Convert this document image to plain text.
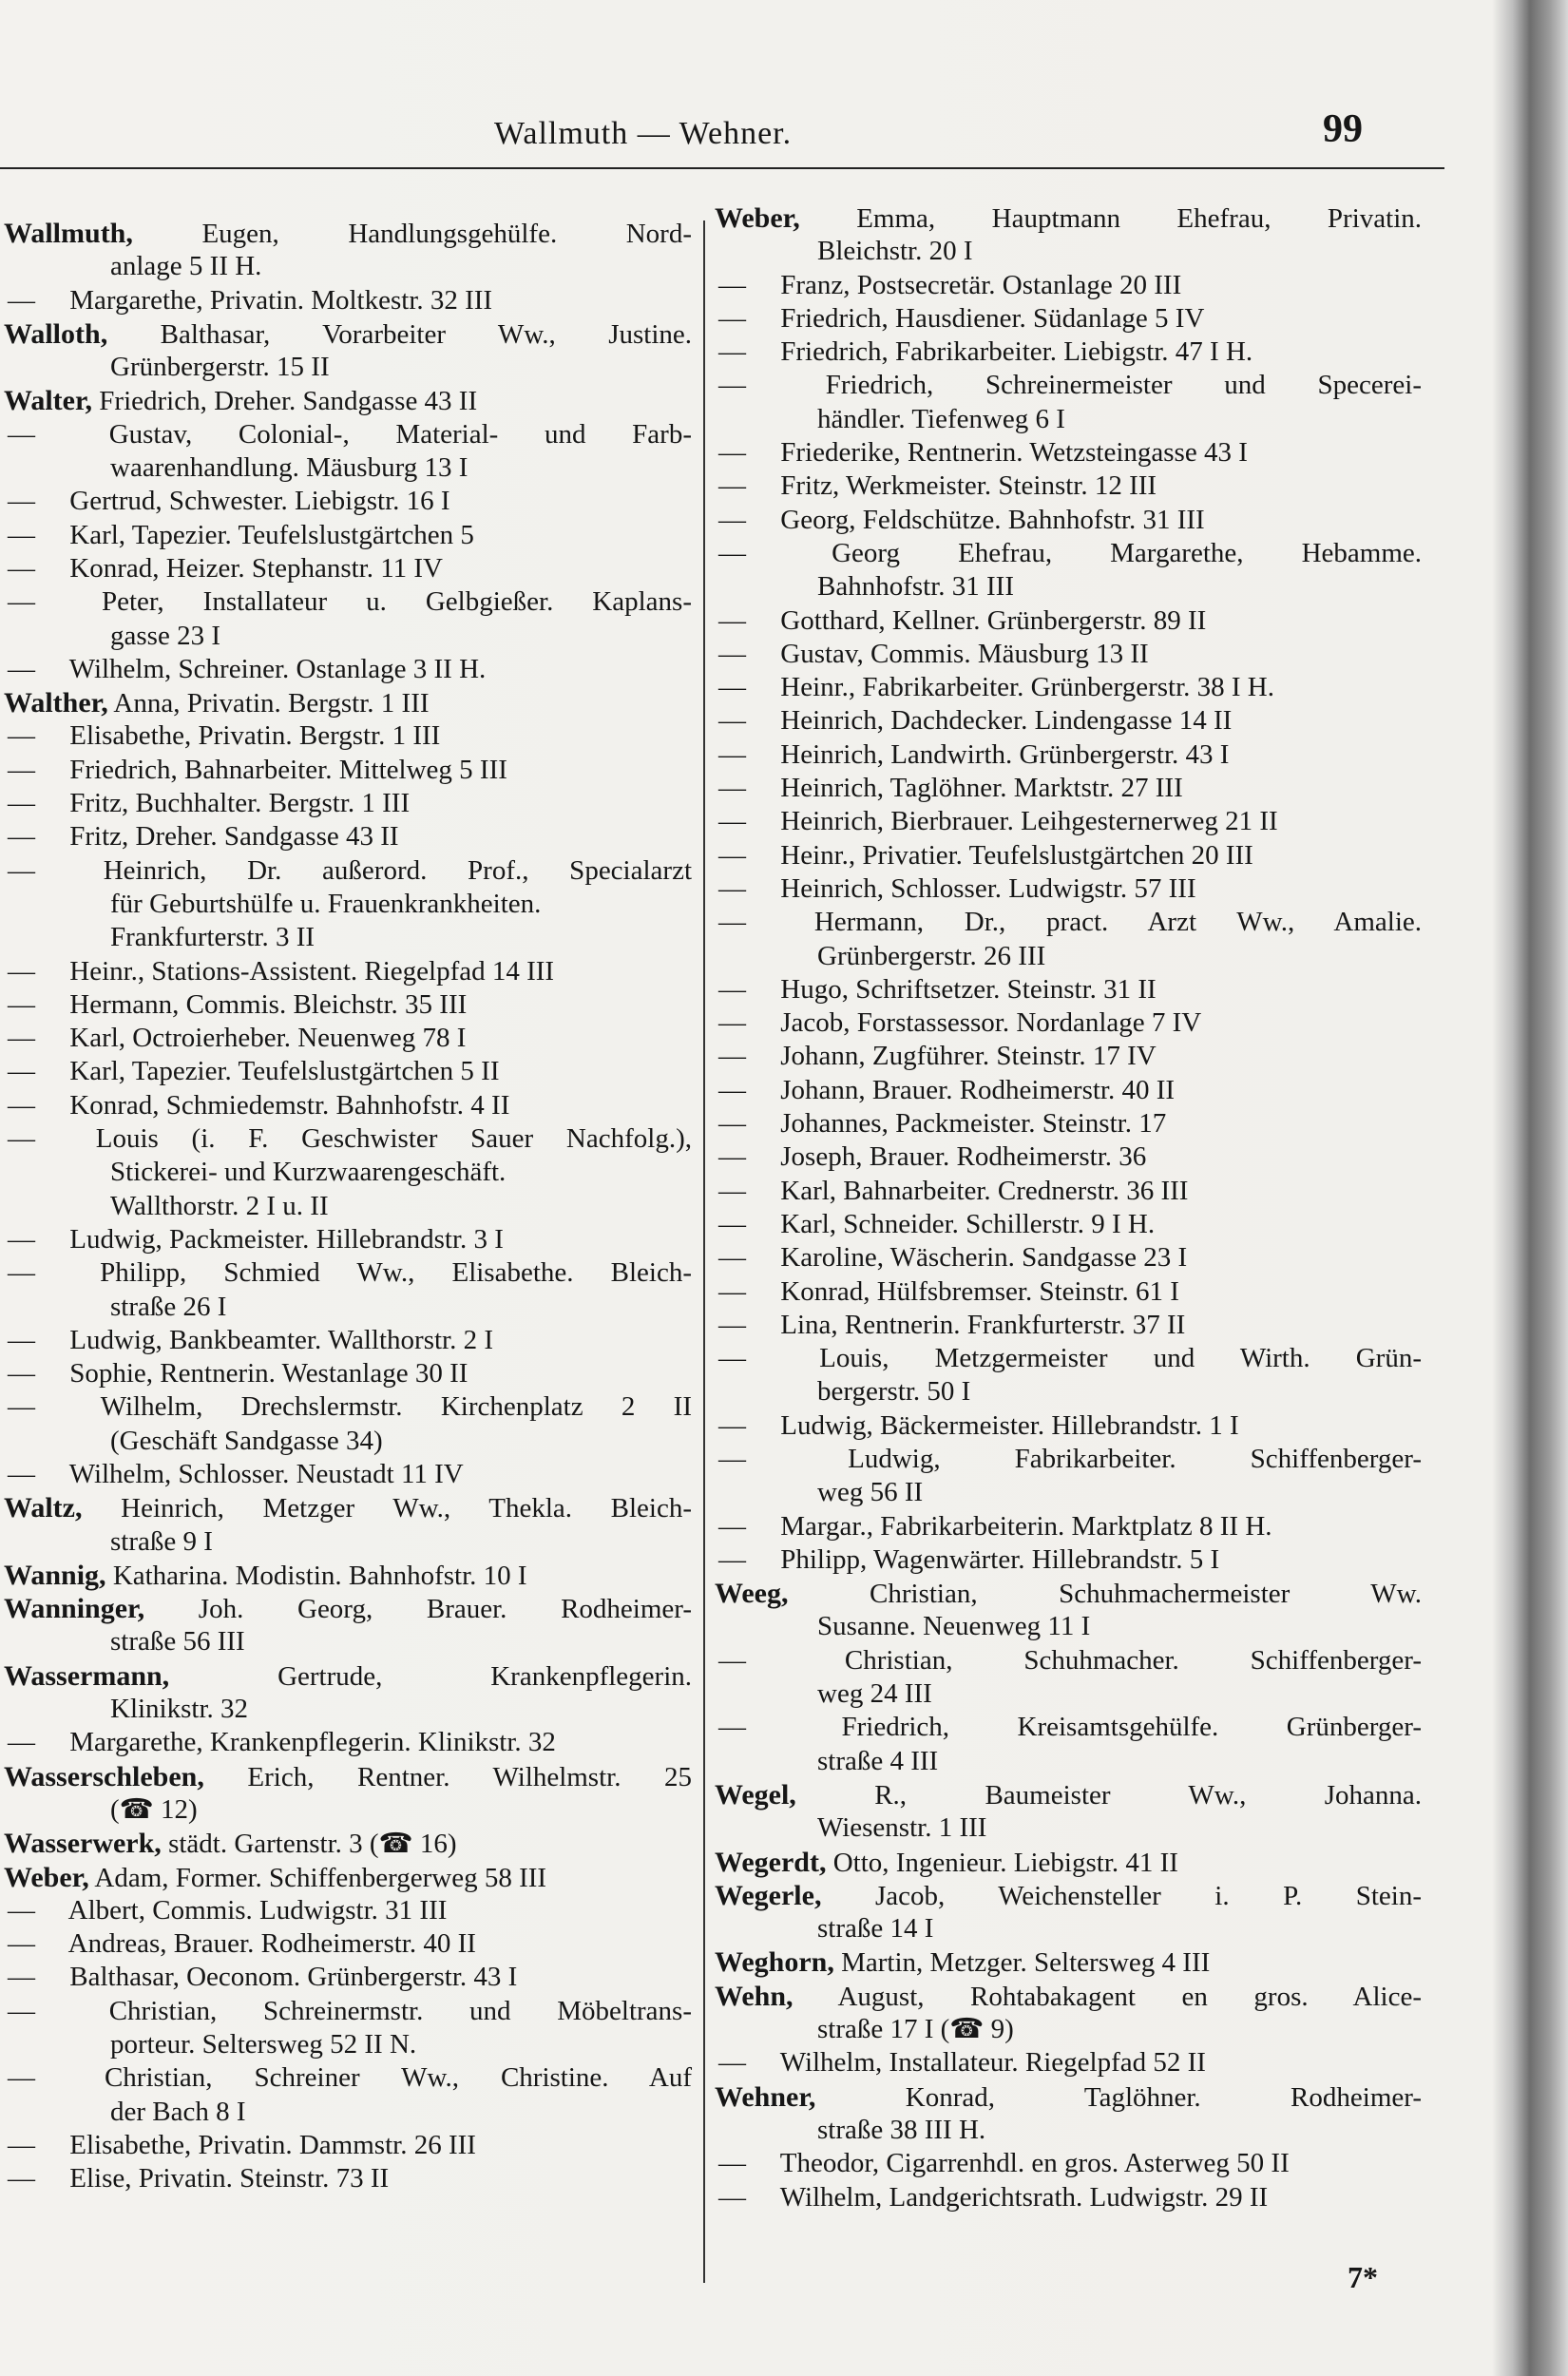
Wallmuth — Wehner.	99
Wallmuth,	Eugen, Handlungsgehülfe. Nord-
anlage 5 II H.
— Margarethe, Privatin. Moltkestr. 32 III
Walloth, Balthasar, Vorarbeiter Ww., Justine.
Grünbergerstr. 15 II
Walter, Friedrich, Dreher. Sandgasse 43 II
—	Gustav, Colonial-, Material- und Farb-
waarenhandlung. Mäusburg 13 I
— Gertrud, Schwester. Liebigstr. 16 I
— Karl, Tapezier. Teufelslustgärtchen 5
— Konrad, Heizer. Stephanstr. 11 IV
— Peter, Installateur u. Gelbgießer. Kaplans-
gasse 23 I
— Wilhelm, Schreiner. Ostanlage 3 II H.
Walther, Anna, Privatin. Bergstr. 1 III
— Elisabethe, Privatin. Bergstr. 1 III
— Friedrich, Bahnarbeiter. Mittelweg 5 III
— Fritz, Buchhalter. Bergstr. 1 III
— Fritz, Dreher. Sandgasse 43 II
— Heinrich, Dr. außerord. Prof., Specialarzt
für Geburtshülfe u. Frauenkrankheiten.
Frankfurterstr. 3 II
— Heinr., Stations-Assistent. Riegelpfad 14 III
— Hermann, Commis. Bleichstr. 35 III
— Karl, Octroierheber. Neuenweg 78 I
— Karl, Tapezier. Teufelslustgärtchen 5 II
— Konrad, Schmiedemstr. Bahnhofstr. 4 II
— Louis (i. F. Geschwister Sauer Nachfolg.),
Stickerei- und Kurzwaarengeschäft.
Wallthorstr. 2 I u. II
— Ludwig, Packmeister. Hillebrandstr. 3 I
— Philipp, Schmied Ww., Elisabethe. Bleich-
straße 26 I
— Ludwig, Bankbeamter. Wallthorstr. 2 I
— Sophie, Rentnerin. Westanlage 30 II
— Wilhelm, Drechslermstr. Kirchenplatz 2 II
(Geschäft Sandgasse 34)
— Wilhelm, Schlosser. Neustadt 11 IV
Waltz, Heinrich, Metzger Ww., Thekla. Bleich-
straße 9 I
Wannig, Katharina. Modistin. Bahnhofstr. 10 I
Wanninger, Joh. Georg, Brauer. Rodheimer-
straße 56 III
Wassermann,	Gertrude, Krankenpflegerin.
Klinikstr. 32
— Margarethe, Krankenpflegerin. Klinikstr. 32
Wasserschleben, Erich, Rentner. Wilhelmstr. 25
(☎ 12)
Wasserwerk, städt. Gartenstr. 3 (☎ 16)
Weber, Adam, Former. Schiffenbergerweg 58 III
— Albert, Commis. Ludwigstr. 31 III
— Andreas, Brauer. Rodheimerstr. 40 II
— Balthasar, Oeconom. Grünbergerstr. 43 I
—	Christian, Schreinermstr. und Möbeltrans-
porteur. Seltersweg 52 II N.
—	Christian, Schreiner Ww., Christine. Auf
der Bach 8 I
— Elisabethe, Privatin. Dammstr. 26 III
— Elise, Privatin. Steinstr. 73 II
Weber, Emma, Hauptmann Ehefrau, Privatin.
Bleichstr. 20 I
— Franz, Postsecretär. Ostanlage 20 III
— Friedrich, Hausdiener. Südanlage 5 IV
— Friedrich, Fabrikarbeiter. Liebigstr. 47 I H.
—	Friedrich, Schreinermeister und Specerei-
händler. Tiefenweg 6 I
— Friederike, Rentnerin. Wetzsteingasse 43 I
— Fritz, Werkmeister. Steinstr. 12 III
— Georg, Feldschütze. Bahnhofstr. 31 III
—	Georg Ehefrau, Margarethe, Hebamme.
Bahnhofstr. 31 III
— Gotthard, Kellner. Grünbergerstr. 89 II
— Gustav, Commis. Mäusburg 13 II
— Heinr., Fabrikarbeiter. Grünbergerstr. 38 I H.
— Heinrich, Dachdecker. Lindengasse 14 II
— Heinrich, Landwirth. Grünbergerstr. 43 I
— Heinrich, Taglöhner. Marktstr. 27 III
— Heinrich, Bierbrauer. Leihgesternerweg 21 II
— Heinr., Privatier. Teufelslustgärtchen 20 III
— Heinrich, Schlosser. Ludwigstr. 57 III
— Hermann, Dr., pract. Arzt Ww., Amalie.
Grünbergerstr. 26 III
— Hugo, Schriftsetzer. Steinstr. 31 II
— Jacob, Forstassessor. Nordanlage 7 IV
— Johann, Zugführer. Steinstr. 17 IV
— Johann, Brauer. Rodheimerstr. 40 II
— Johannes, Packmeister. Steinstr. 17
— Joseph, Brauer. Rodheimerstr. 36
— Karl, Bahnarbeiter. Crednerstr. 36 III
— Karl, Schneider. Schillerstr. 9 I H.
— Karoline, Wäscherin. Sandgasse 23 I
— Konrad, Hülfsbremser. Steinstr. 61 I
— Lina, Rentnerin. Frankfurterstr. 37 II
—	Louis, Metzgermeister und Wirth. Grün-
bergerstr. 50 I
— Ludwig, Bäckermeister. Hillebrandstr. 1 I
—	Ludwig, Fabrikarbeiter. Schiffenberger-
weg 56 II
— Margar., Fabrikarbeiterin. Marktplatz 8 II H.
— Philipp, Wagenwärter. Hillebrandstr. 5 I
Weeg,	Christian, Schuhmachermeister Ww.
Susanne. Neuenweg 11 I
—	Christian, Schuhmacher. Schiffenberger-
weg 24 III
—	Friedrich, Kreisamtsgehülfe. Grünberger-
straße 4 III
Wegel,	R., Baumeister Ww., Johanna.
Wiesenstr. 1 III
Wegerdt, Otto, Ingenieur. Liebigstr. 41 II
Wegerle, Jacob, Weichensteller i. P. Stein-
straße 14 I
Weghorn, Martin, Metzger. Seltersweg 4 III
Wehn, August, Rohtabakagent en gros. Alice-
straße 17 I (☎ 9)
— Wilhelm, Installateur. Riegelpfad 52 II
Wehner,	Konrad, Taglöhner. Rodheimer-
straße 38 III H.
— Theodor, Cigarrenhdl. en gros. Asterweg 50 II
— Wilhelm, Landgerichtsrath. Ludwigstr. 29 II
7*
